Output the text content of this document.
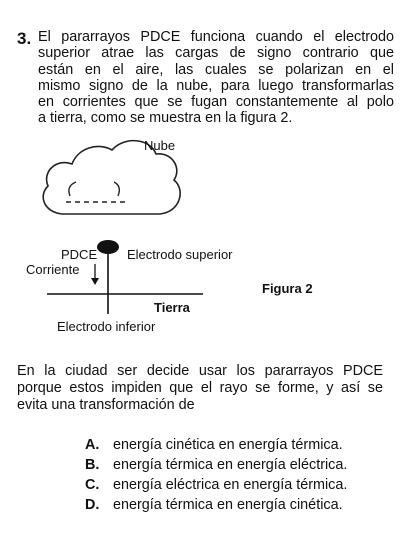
3. El pararrayos PDCE funciona cuando el electrodo
superior atrae las cargas de signo contrario que
están en el aire, las cuales se polarizan en el
mismo signo de la nube, para luego transformarlas
en corrientes que se fugan constantemente al polo
a tierra, como se muestra en la figura 2.
Nube
PDCE Electrodo superior
Corriente
Tierra
Electrodo inferior
Figura 2
En la ciudad ser decide usar los pararrayos PDCE
porque estos impiden que el rayo se forme, y así se
evita una transformación de
A. energía cinética en energía térmica.
B. energía térmica en energía eléctrica.
C. energía eléctrica en energía térmica.
D. energía térmica en energía cinética.
